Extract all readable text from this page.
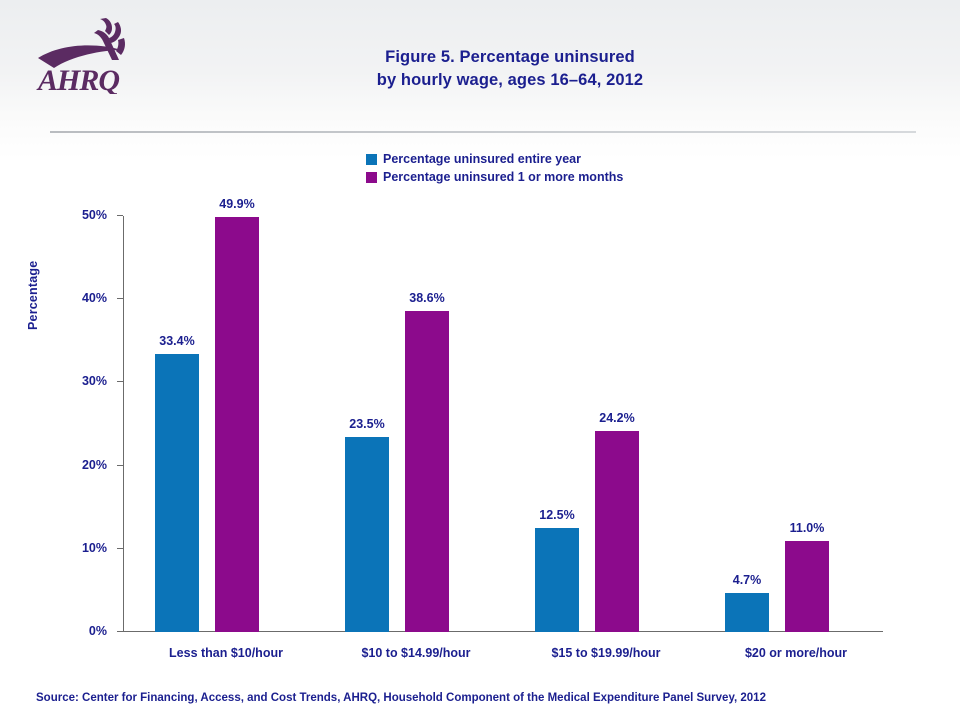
AHRQ
Figure 5. Percentage uninsured
by hourly wage, ages 16–64, 2012
Percentage uninsured entire year
Percentage uninsured 1 or more months
Percentage
0%
10%
20%
30%
40%
50%
33.4%
49.9%
Less than $10/hour
23.5%
38.6%
$10 to $14.99/hour
12.5%
24.2%
$15 to $19.99/hour
4.7%
11.0%
$20 or more/hour
Source: Center for Financing, Access, and Cost Trends, AHRQ, Household Component of the Medical Expenditure Panel Survey, 2012
